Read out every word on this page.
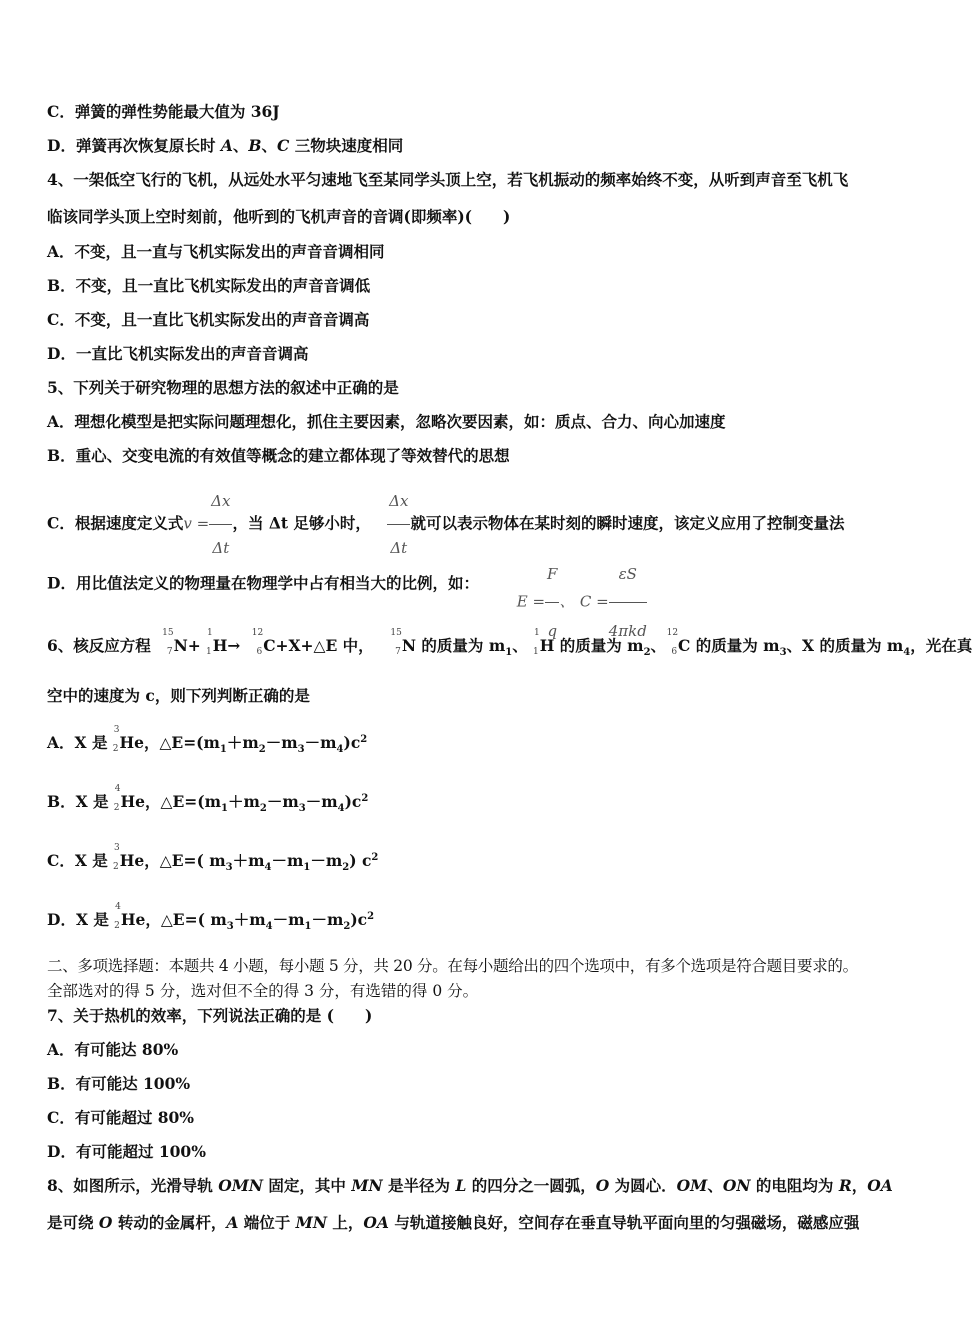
C．弹簧的弹性势能最大值为 36J
D．弹簧再次恢复原长时 A、B、C 三物块速度相同
4、一架低空飞行的飞机，从远处水平匀速地飞至某同学头顶上空，若飞机振动的频率始终不变，从听到声音至飞机飞
临该同学头顶上空时刻前，他听到的飞机声音的音调(即频率)(　　)
A．不变，且一直与飞机实际发出的声音音调相同
B．不变，且一直比飞机实际发出的声音音调低
C．不变，且一直比飞机实际发出的声音音调高
D．一直比飞机实际发出的声音音调高
5、下列关于研究物理的思想方法的叙述中正确的是
A．理想化模型是把实际问题理想化，抓住主要因素，忽略次要因素，如：质点、合力、向心加速度
B．重心、交变电流的有效值等概念的建立都体现了等效替代的思想
C．根据速度定义式$v = \frac{\Delta x}{\Delta t}$ ，当 Δt 足够小时， $\frac{\Delta x}{\Delta t}$ 就可以表示物体在某时刻的瞬时速度，该定义应用了控制变量法
D．用比值法定义的物理量在物理学中占有相当大的比例，如：       $E = \frac{F}{q}$ 、 $C = \frac{\varepsilon S}{\text{4πkd}}$
6、核反应方程
15
7 N+
1
1 H→
12
6 C+X+△E 中，
15
7 N 的质量为 $m_1$、
1
1 H 的质量为 $m_2$、
12
6 C 的质量为 $m_3$、X 的质量为 $m_4$，光在真
空中的速度为 c，则下列判断正确的是
A．X 是
3
2 He，$\triangle E=(m_1+m_2-m_3-m_4)c^2$
B．X 是
4
2 He，$\triangle E=(m_1+m_2-m_3-m_4)c^2$
C．X 是
3
2 He，△E=( $m_3+m_4-m_1-m_2$) $c^2$
D．X 是
4
2 He，△E=( $m_3+m_4-m_1-m_2)c^2$
二、多项选择题：本题共 4 小题，每小题 5 分，共 20 分。在每小题给出的四个选项中，有多个选项是符合题目要求的。
全部选对的得 5 分，选对但不全的得 3 分，有选错的得 0 分。
7、关于热机的效率，下列说法正确的是 (　　)
A．有可能达 80%
B．有可能达 100%
C．有可能超过 80%
D．有可能超过 100%
8、如图所示，光滑导轨 OMN 固定，其中 MN 是半径为 L 的四分之一圆弧，O 为圆心．OM、ON 的电阻均为 R，OA
是可绕 O 转动的金属杆，A 端位于 MN 上，OA 与轨道接触良好，空间存在垂直导轨平面向里的匀强磁场，磁感应强
